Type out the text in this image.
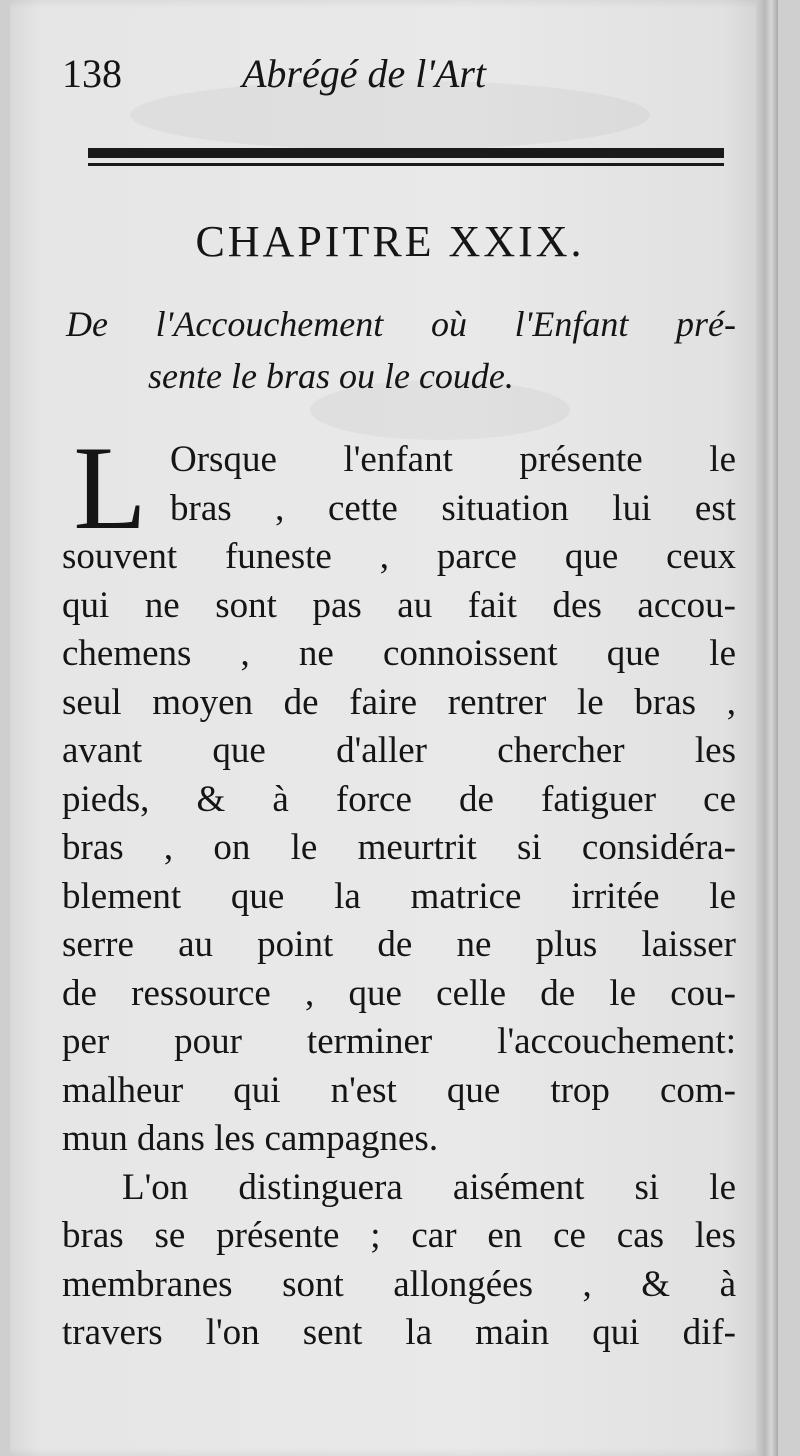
138	Abrégé de l'Art
CHAPITRE XXIX.
De l'Accouchement où l'Enfant pré-
sente le bras ou le coude.
L Orsque l'enfant présente le
bras , cette situation lui est
souvent funeste , parce que ceux
qui ne sont pas au fait des accou-
chemens , ne connoissent que le
seul moyen de faire rentrer le bras ,
avant que d'aller chercher les
pieds, & à force de fatiguer ce
bras , on le meurtrit si considéra-
blement que la matrice irritée le
serre au point de ne plus laisser
de ressource , que celle de le cou-
per pour terminer l'accouchement:
malheur qui n'est que trop com-
mun dans les campagnes.
L'on distinguera aisément si le
bras se présente ; car en ce cas les
membranes sont allongées , & à
travers l'on sent la main qui dif-
